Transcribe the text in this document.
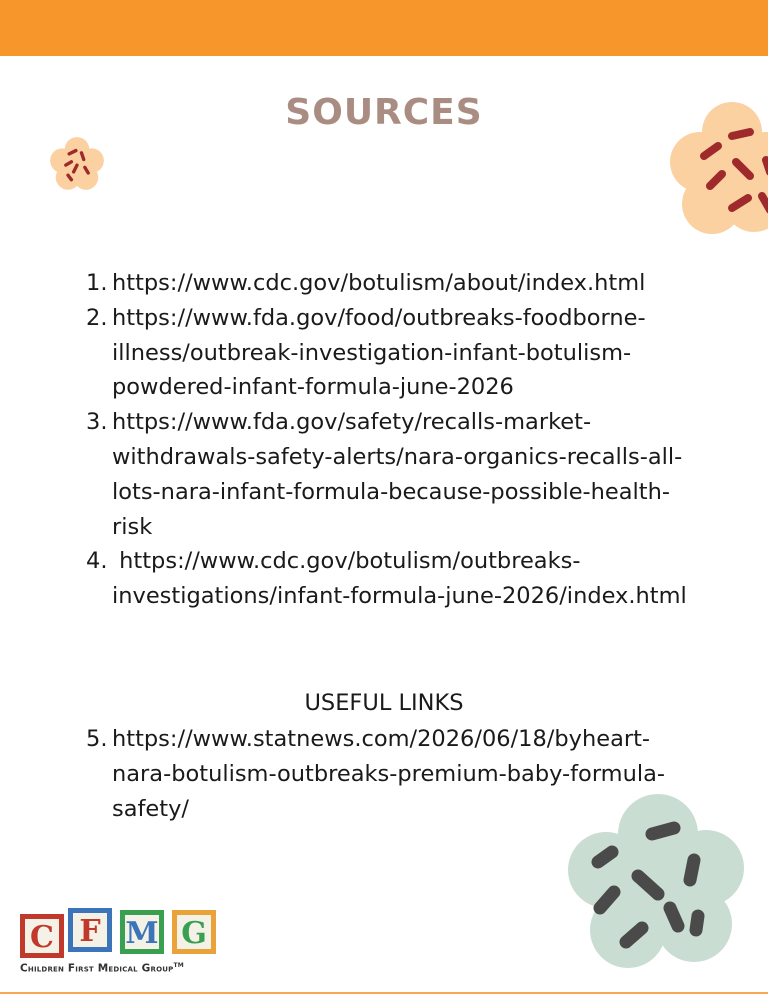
SOURCES
1. https://www.cdc.gov/botulism/about/index.html
2. https://www.fda.gov/food/outbreaks-foodborne-illness/outbreak-investigation-infant-botulism-powdered-infant-formula-june-2026
3. https://www.fda.gov/safety/recalls-market-withdrawals-safety-alerts/nara-organics-recalls-all-lots-nara-infant-formula-because-possible-health-risk
4. https://www.cdc.gov/botulism/outbreaks-investigations/infant-formula-june-2026/index.html
USEFUL LINKS
5. https://www.statnews.com/2026/06/18/byheart-nara-botulism-outbreaks-premium-baby-formula-safety/
C F M G
Children First Medical Group™
